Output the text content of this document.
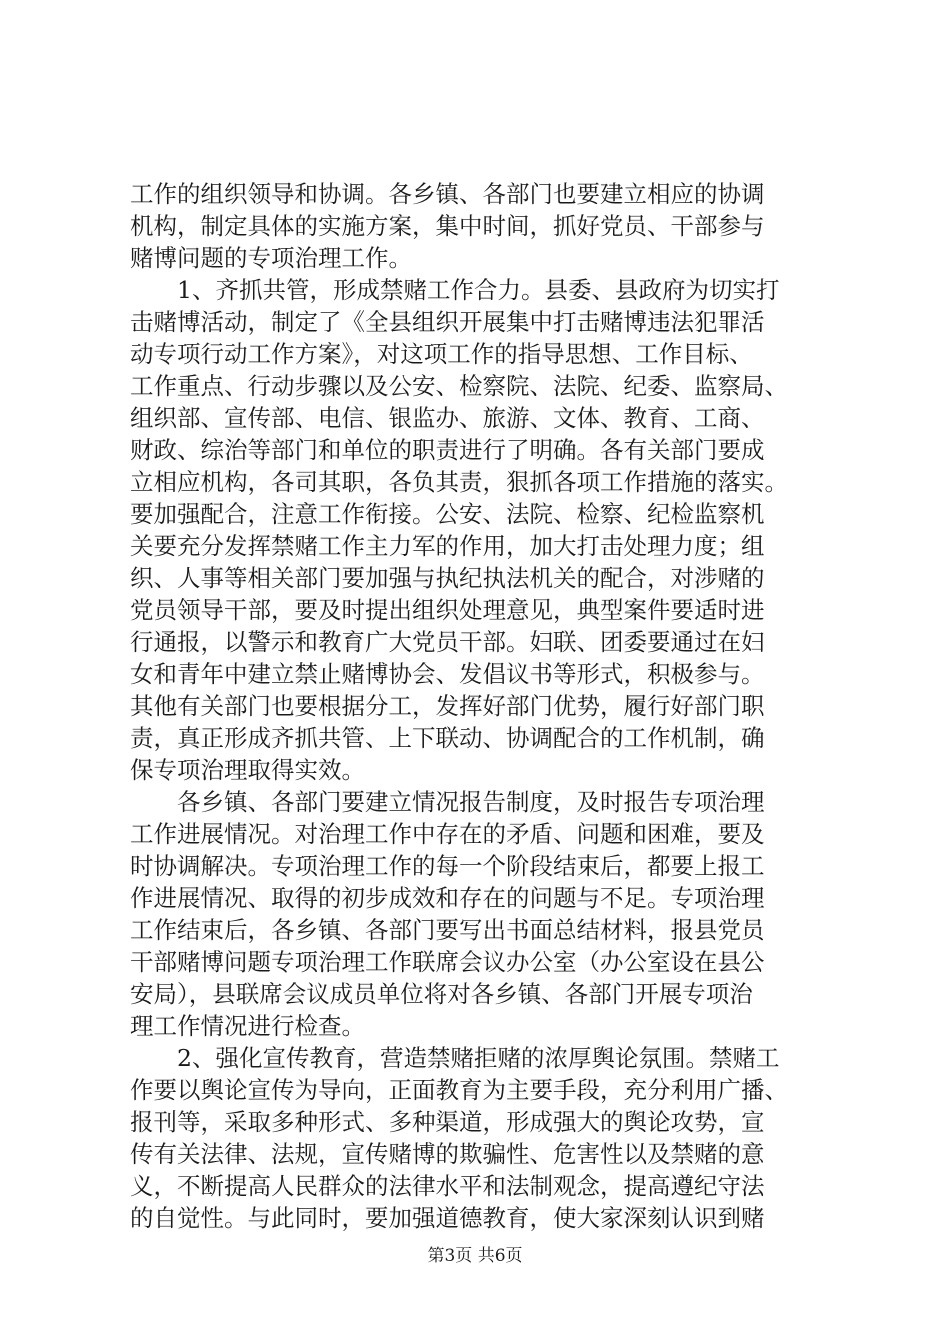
工作的组织领导和协调。各乡镇、各部门也要建立相应的协调
机构，制定具体的实施方案，集中时间，抓好党员、干部参与
赌博问题的专项治理工作。
　　1、齐抓共管，形成禁赌工作合力。县委、县政府为切实打
击赌博活动，制定了《全县组织开展集中打击赌博违法犯罪活
动专项行动工作方案》，对这项工作的指导思想、工作目标、
工作重点、行动步骤以及公安、检察院、法院、纪委、监察局、
组织部、宣传部、电信、银监办、旅游、文体、教育、工商、
财政、综治等部门和单位的职责进行了明确。各有关部门要成
立相应机构，各司其职，各负其责，狠抓各项工作措施的落实。
要加强配合，注意工作衔接。公安、法院、检察、纪检监察机
关要充分发挥禁赌工作主力军的作用，加大打击处理力度；组
织、人事等相关部门要加强与执纪执法机关的配合，对涉赌的
党员领导干部，要及时提出组织处理意见，典型案件要适时进
行通报，以警示和教育广大党员干部。妇联、团委要通过在妇
女和青年中建立禁止赌博协会、发倡议书等形式，积极参与。
其他有关部门也要根据分工，发挥好部门优势，履行好部门职
责，真正形成齐抓共管、上下联动、协调配合的工作机制，确
保专项治理取得实效。
　　各乡镇、各部门要建立情况报告制度，及时报告专项治理
工作进展情况。对治理工作中存在的矛盾、问题和困难，要及
时协调解决。专项治理工作的每一个阶段结束后，都要上报工
作进展情况、取得的初步成效和存在的问题与不足。专项治理
工作结束后，各乡镇、各部门要写出书面总结材料，报县党员
干部赌博问题专项治理工作联席会议办公室（办公室设在县公
安局），县联席会议成员单位将对各乡镇、各部门开展专项治
理工作情况进行检查。
　　2、强化宣传教育，营造禁赌拒赌的浓厚舆论氛围。禁赌工
作要以舆论宣传为导向，正面教育为主要手段，充分利用广播、
报刊等，采取多种形式、多种渠道，形成强大的舆论攻势，宣
传有关法律、法规，宣传赌博的欺骗性、危害性以及禁赌的意
义，不断提高人民群众的法律水平和法制观念，提高遵纪守法
的自觉性。与此同时，要加强道德教育，使大家深刻认识到赌
第3页 共6页
